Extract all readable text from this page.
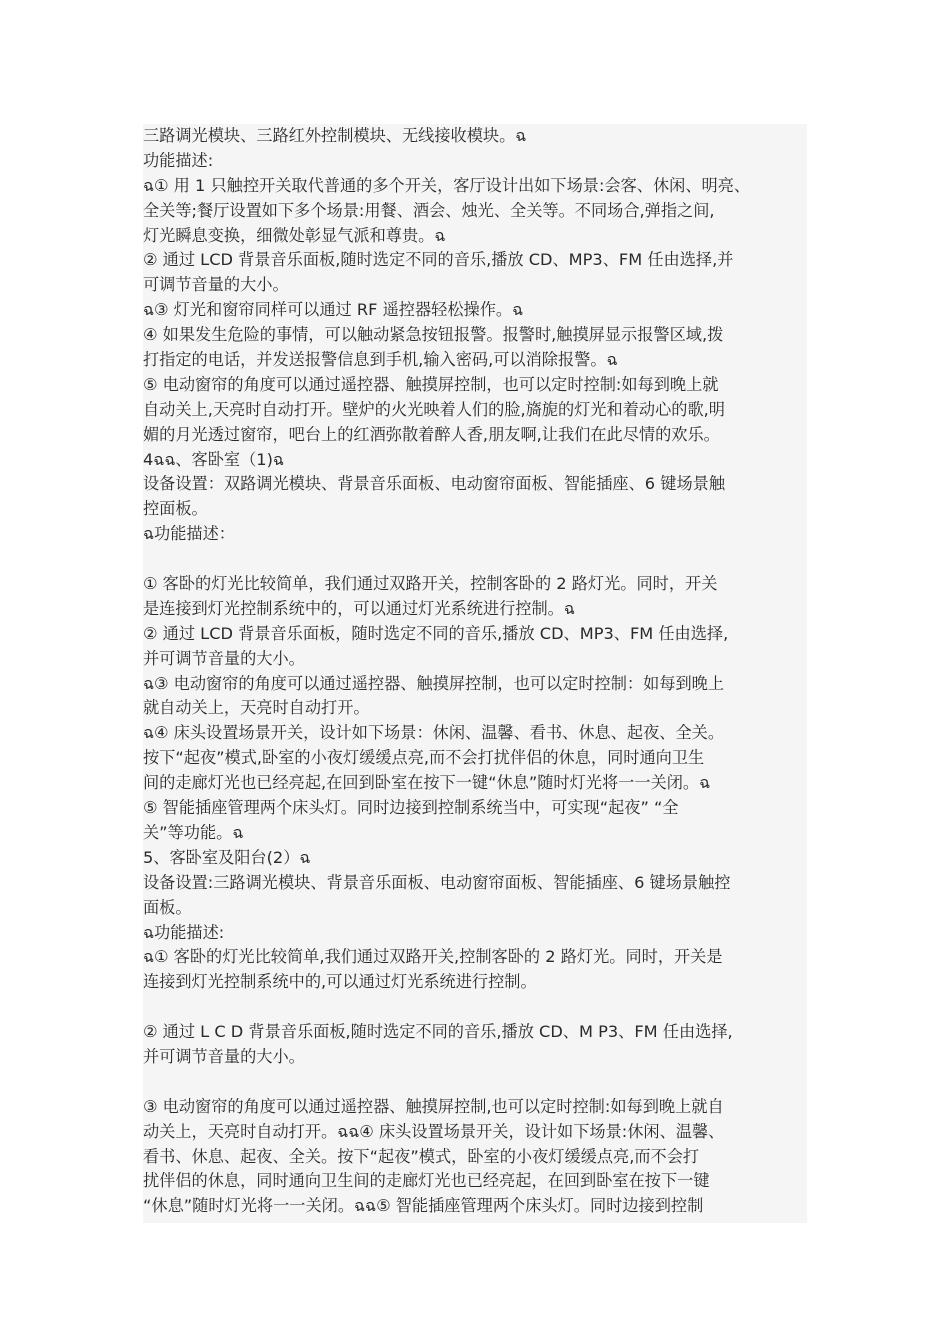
三路调光模块、三路红外控制模块、无线接收模块。ฉ
功能描述:
ฉ① 用 1 只触控开关取代普通的多个开关，客厅设计出如下场景:会客、休闲、明亮、
全关等;餐厅设置如下多个场景:用餐、酒会、烛光、全关等。不同场合,弹指之间,
灯光瞬息变换，细微处彰显气派和尊贵。ฉ
② 通过 LCD 背景音乐面板,随时选定不同的音乐,播放 CD、MP3、FM 任由选择,并
可调节音量的大小。
ฉ③ 灯光和窗帘同样可以通过 RF 遥控器轻松操作。ฉ
④ 如果发生危险的事情，可以触动紧急按钮报警。报警时,触摸屏显示报警区域,拨
打指定的电话，并发送报警信息到手机,输入密码,可以消除报警。ฉ
⑤ 电动窗帘的角度可以通过遥控器、触摸屏控制，也可以定时控制:如每到晚上就
自动关上,天亮时自动打开。壁炉的火光映着人们的脸,旖旎的灯光和着动心的歌,明
媚的月光透过窗帘，吧台上的红酒弥散着醉人香,朋友啊,让我们在此尽情的欢乐。
4ฉฉ、客卧室（1)ฉ
设备设置：双路调光模块、背景音乐面板、电动窗帘面板、智能插座、6 键场景触
控面板。
ฉ功能描述：
① 客卧的灯光比较简单，我们通过双路开关，控制客卧的 2 路灯光。同时，开关
是连接到灯光控制系统中的，可以通过灯光系统进行控制。ฉ
② 通过 LCD 背景音乐面板，随时选定不同的音乐,播放 CD、MP3、FM 任由选择,
并可调节音量的大小。
ฉ③ 电动窗帘的角度可以通过遥控器、触摸屏控制，也可以定时控制：如每到晚上
就自动关上，天亮时自动打开。
ฉ④ 床头设置场景开关，设计如下场景：休闲、温馨、看书、休息、起夜、全关。
按下“起夜”模式,卧室的小夜灯缓缓点亮,而不会打扰伴侣的休息，同时通向卫生
间的走廊灯光也已经亮起,在回到卧室在按下一键“休息”随时灯光将一一关闭。ฉ
⑤ 智能插座管理两个床头灯。同时边接到控制系统当中，可实现“起夜” “全
关”等功能。ฉ
5、客卧室及阳台(2）ฉ
设备设置:三路调光模块、背景音乐面板、电动窗帘面板、智能插座、6 键场景触控
面板。
ฉ功能描述:
ฉ① 客卧的灯光比较简单,我们通过双路开关,控制客卧的 2 路灯光。同时，开关是
连接到灯光控制系统中的,可以通过灯光系统进行控制。
② 通过 L C D 背景音乐面板,随时选定不同的音乐,播放 CD、M P3、FM 任由选择,
并可调节音量的大小。
③ 电动窗帘的角度可以通过遥控器、触摸屏控制,也可以定时控制:如每到晚上就自
动关上，天亮时自动打开。ฉฉ④ 床头设置场景开关，设计如下场景:休闲、温馨、
看书、休息、起夜、全关。按下“起夜”模式，卧室的小夜灯缓缓点亮,而不会打
扰伴侣的休息，同时通向卫生间的走廊灯光也已经亮起，在回到卧室在按下一键
“休息”随时灯光将一一关闭。ฉฉ⑤ 智能插座管理两个床头灯。同时边接到控制
